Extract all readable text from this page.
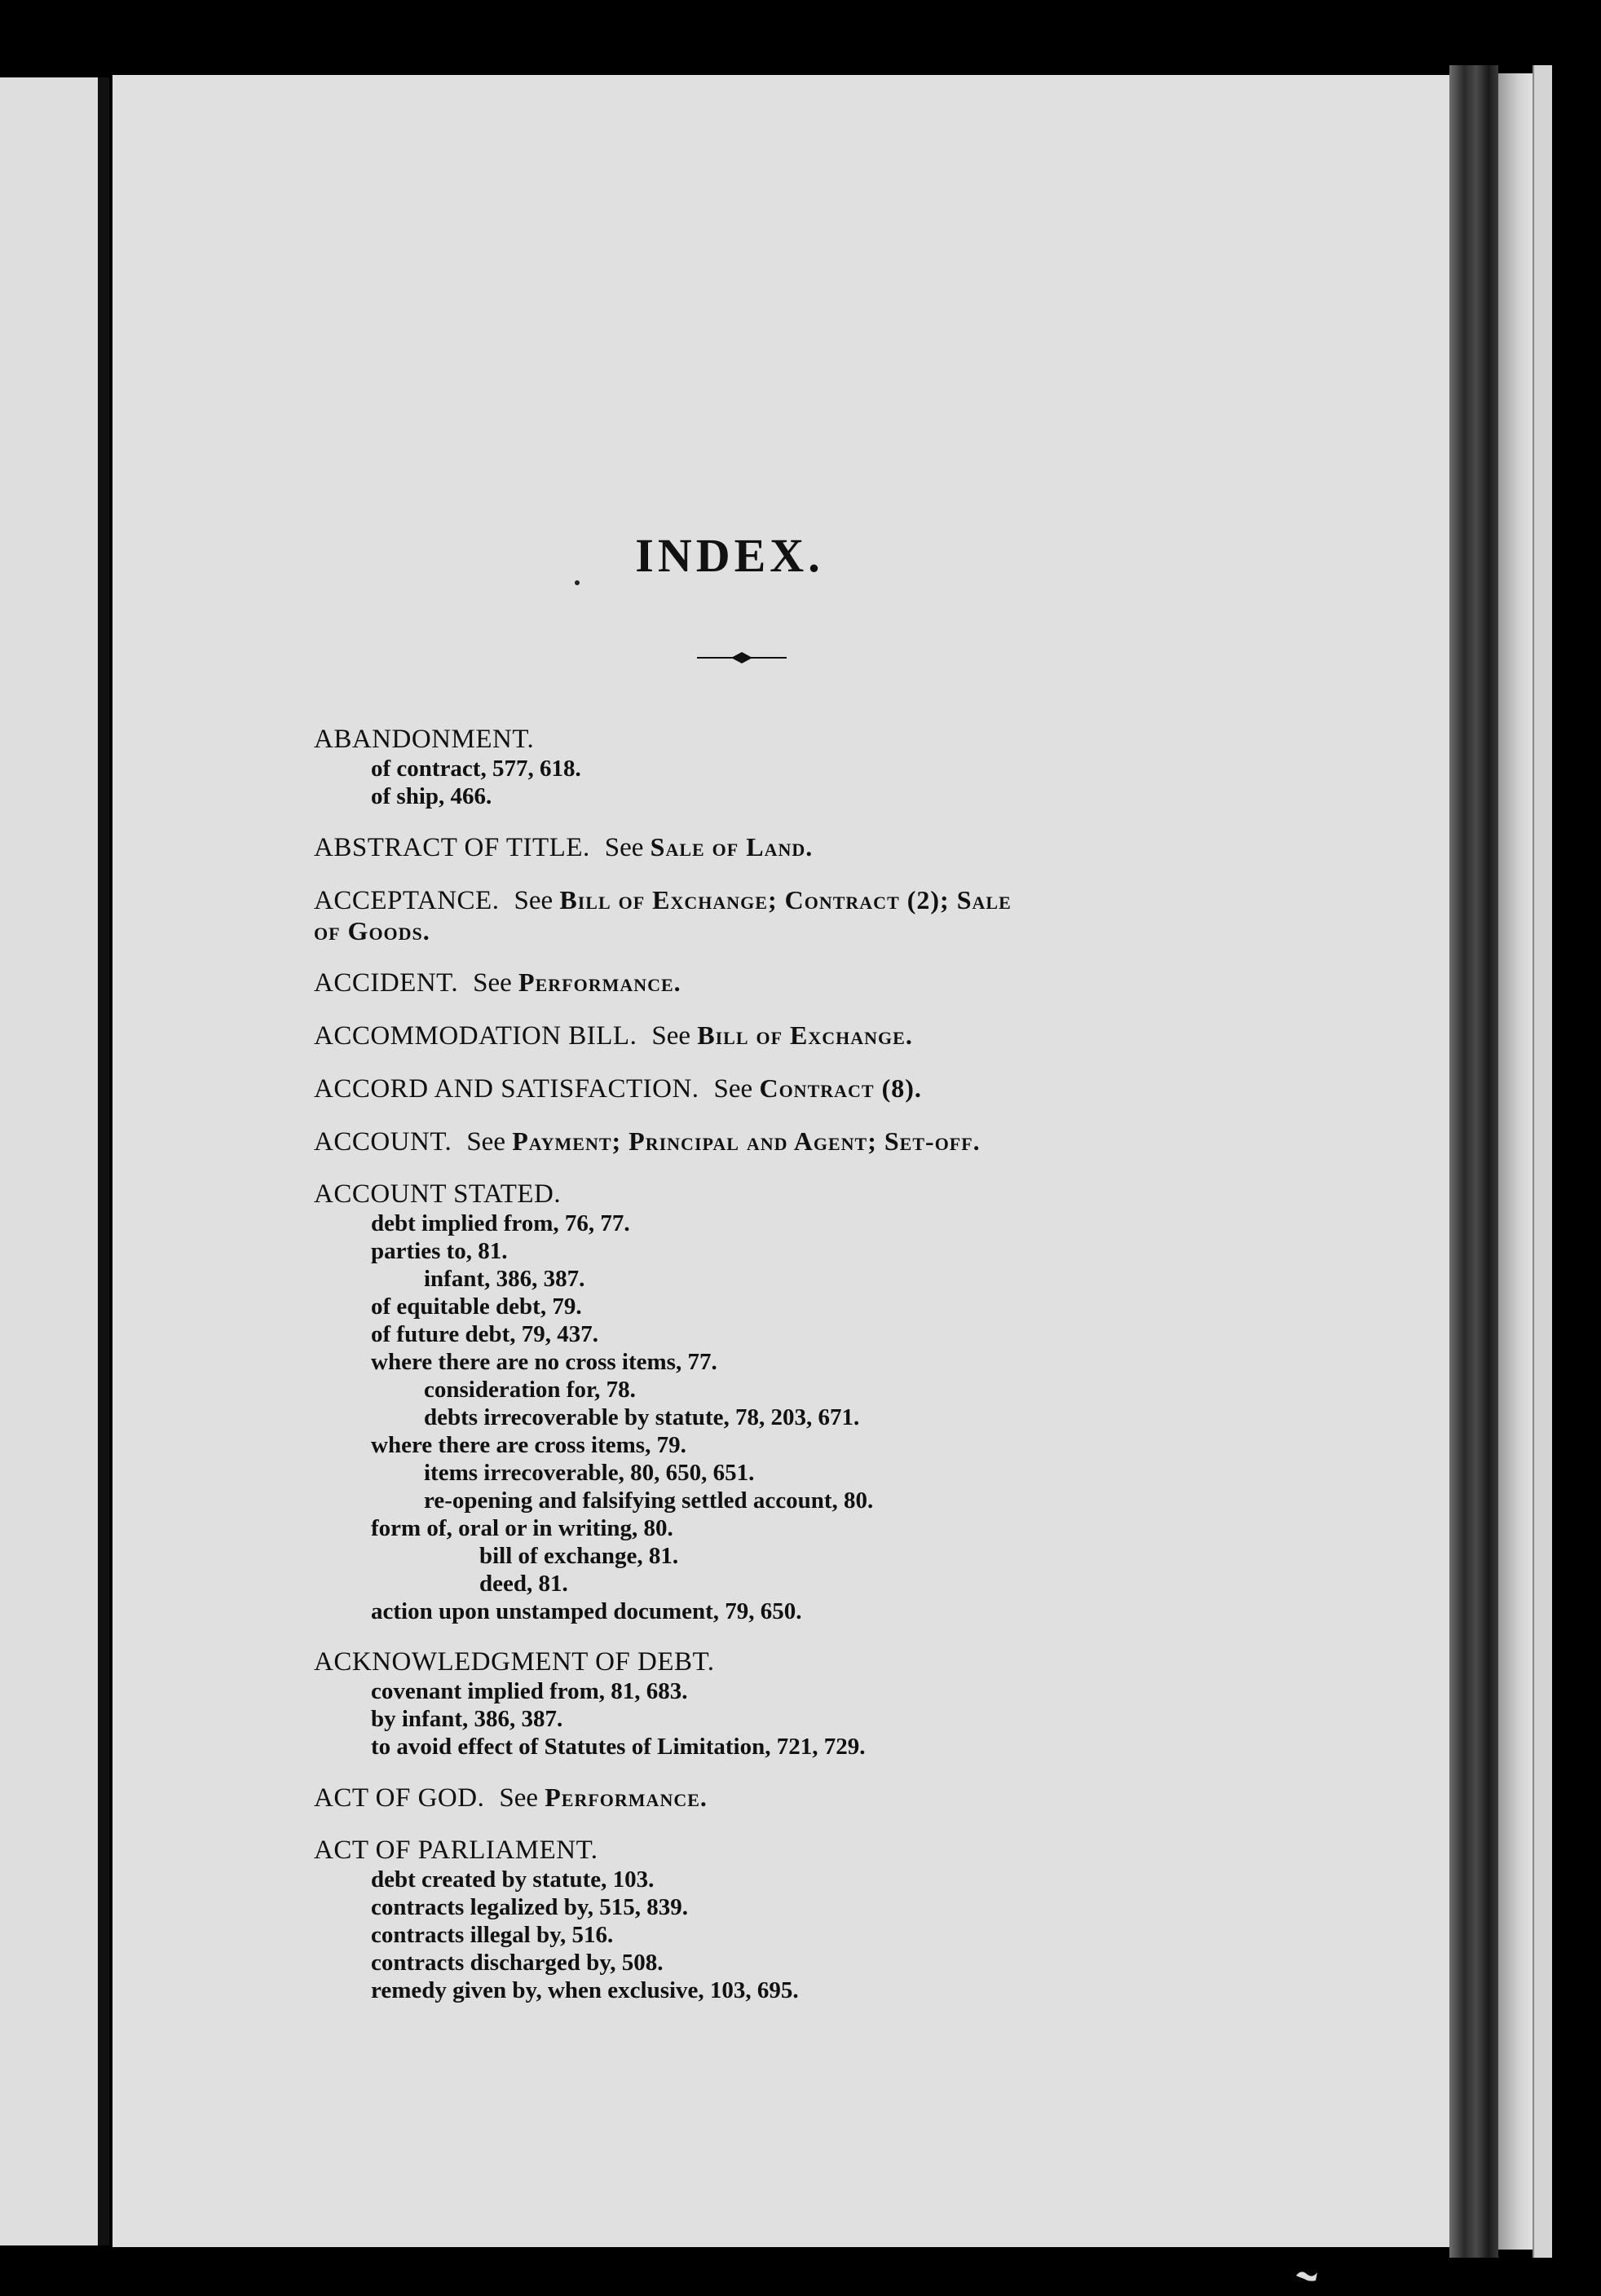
INDEX.
ABANDONMENT.
of contract, 577, 618.
of ship, 466.
ABSTRACT OF TITLE. See Sale of Land.
ACCEPTANCE. See Bill of Exchange; Contract (2); Sale
of Goods.
ACCIDENT. See Performance.
ACCOMMODATION BILL. See Bill of Exchange.
ACCORD AND SATISFACTION. See Contract (8).
ACCOUNT. See Payment; Principal and Agent; Set-off.
ACCOUNT STATED.
debt implied from, 76, 77.
parties to, 81.
infant, 386, 387.
of equitable debt, 79.
of future debt, 79, 437.
where there are no cross items, 77.
consideration for, 78.
debts irrecoverable by statute, 78, 203, 671.
where there are cross items, 79.
items irrecoverable, 80, 650, 651.
re-opening and falsifying settled account, 80.
form of, oral or in writing, 80.
bill of exchange, 81.
deed, 81.
action upon unstamped document, 79, 650.
ACKNOWLEDGMENT OF DEBT.
covenant implied from, 81, 683.
by infant, 386, 387.
to avoid effect of Statutes of Limitation, 721, 729.
ACT OF GOD. See Performance.
ACT OF PARLIAMENT.
debt created by statute, 103.
contracts legalized by, 515, 839.
contracts illegal by, 516.
contracts discharged by, 508.
remedy given by, when exclusive, 103, 695.
